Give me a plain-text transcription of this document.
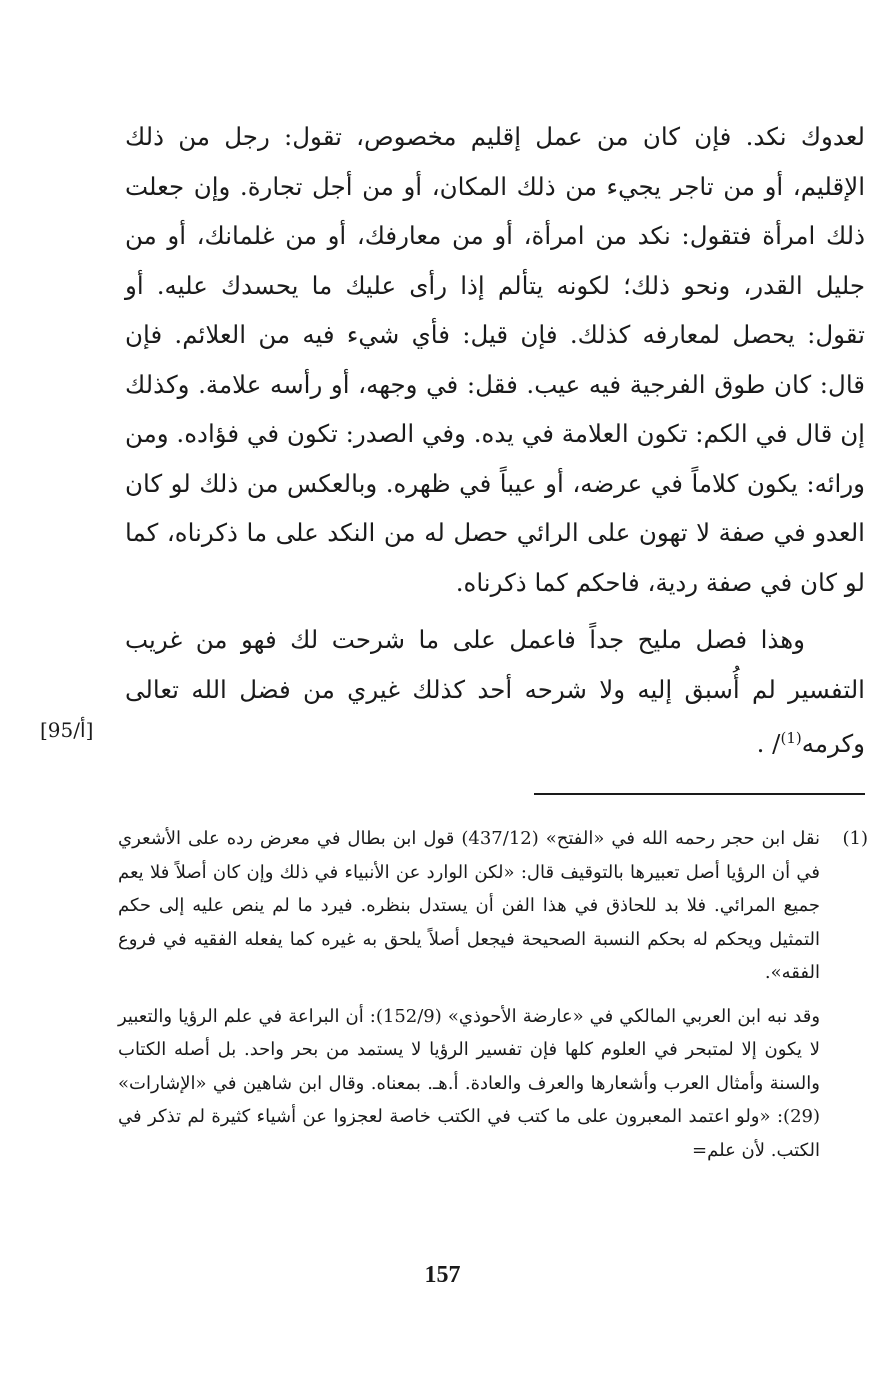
لعدوك نكد. فإن كان من عمل إقليم مخصوص، تقول: رجل من ذلك الإقليم، أو من تاجر يجيء من ذلك المكان، أو من أجل تجارة. وإن جعلت ذلك امرأة فتقول: نكد من امرأة، أو من معارفك، أو من غلمانك، أو من جليل القدر، ونحو ذلك؛ لكونه يتألم إذا رأى عليك ما يحسدك عليه. أو تقول: يحصل لمعارفه كذلك. فإن قيل: فأي شيء فيه من العلائم. فإن قال: كان طوق الفرجية فيه عيب. فقل: في وجهه، أو رأسه علامة. وكذلك إن قال في الكم: تكون العلامة في يده. وفي الصدر: تكون في فؤاده. ومن ورائه: يكون كلاماً في عرضه، أو عيباً في ظهره. وبالعكس من ذلك لو كان العدو في صفة لا تهون على الرائي حصل له من النكد على ما ذكرناه، كما لو كان في صفة ردية، فاحكم كما ذكرناه.

وهذا فصل مليح جداً فاعمل على ما شرحت لك فهو من غريب التفسير لم أُسبق إليه ولا شرحه أحد كذلك غيري من فضل الله تعالى وكرمه$^{(1)}$/ .

[95/أ]
(1)

نقل ابن حجر رحمه الله في «الفتح» (437/12) قول ابن بطال في معرض رده على الأشعري في أن الرؤيا أصل تعبيرها بالتوقيف قال: «لكن الوارد عن الأنبياء في ذلك وإن كان أصلاً فلا يعم جميع المرائي. فلا بد للحاذق في هذا الفن أن يستدل بنظره. فيرد ما لم ينص عليه إلى حكم التمثيل ويحكم له بحكم النسبة الصحيحة فيجعل أصلاً يلحق به غيره كما يفعله الفقيه في فروع الفقه».

وقد نبه ابن العربي المالكي في «عارضة الأحوذي» (152/9): أن البراعة في علم الرؤيا والتعبير لا يكون إلا لمتبحر في العلوم كلها فإن تفسير الرؤيا لا يستمد من بحر واحد. بل أصله الكتاب والسنة وأمثال العرب وأشعارها والعرف والعادة. أ.هـ. بمعناه. وقال ابن شاهين في «الإشارات» (29): «ولو اعتمد المعبرون على ما كتب في الكتب خاصة لعجزوا عن أشياء كثيرة لم تذكر في الكتب. لأن علم=

157
